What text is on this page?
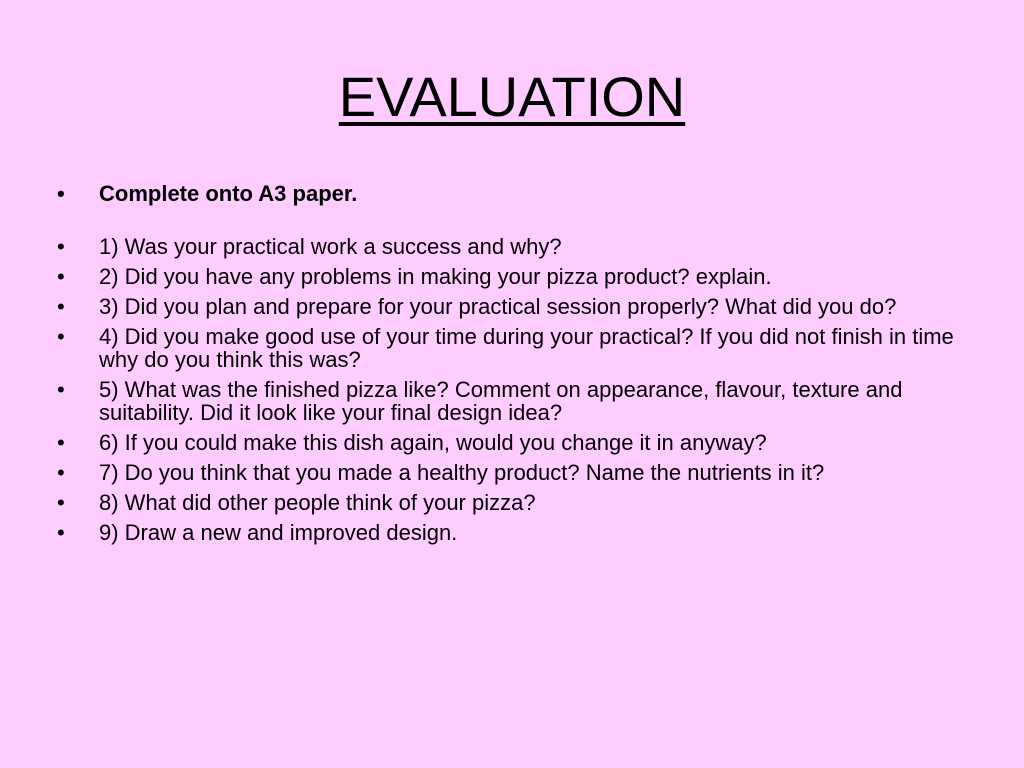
EVALUATION
•	Complete onto A3 paper.
•	1) Was your practical work a success and why?
•	2) Did you have any problems in making your pizza product? explain.
•	3) Did you plan and prepare for your practical session properly? What did you do?
•	4) Did you make good use of your time during your practical? If you did not finish in time why do you think this was?
•	5) What was the finished pizza like? Comment on appearance, flavour, texture and suitability. Did it look like your final design idea?
•	6) If you could make this dish again, would you change it in anyway?
•	7) Do you think that you made a healthy product? Name the nutrients in it?
•	8) What did other people think of your pizza?
•	9) Draw a new and improved design.
